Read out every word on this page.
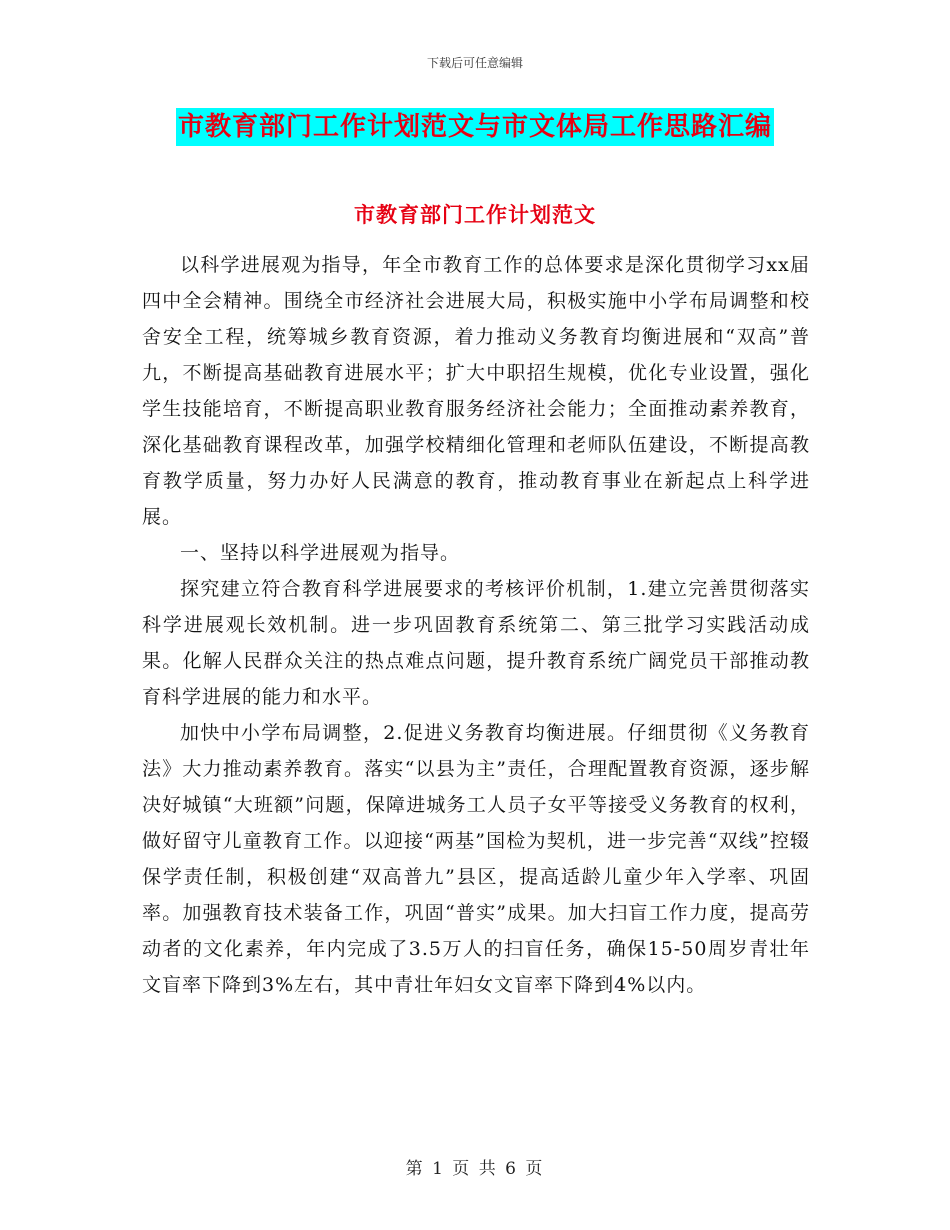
下载后可任意编辑
市教育部门工作计划范文与市文体局工作思路汇编
市教育部门工作计划范文

以科学进展观为指导，年全市教育工作的总体要求是深化贯彻学习xx届四中全会精神。围绕全市经济社会进展大局，积极实施中小学布局调整和校舍安全工程，统筹城乡教育资源，着力推动义务教育均衡进展和“双高”普九，不断提高基础教育进展水平；扩大中职招生规模，优化专业设置，强化学生技能培育，不断提高职业教育服务经济社会能力；全面推动素养教育，深化基础教育课程改革，加强学校精细化管理和老师队伍建设，不断提高教育教学质量，努力办好人民满意的教育，推动教育事业在新起点上科学进展。

一、坚持以科学进展观为指导。

探究建立符合教育科学进展要求的考核评价机制，1.建立完善贯彻落实科学进展观长效机制。进一步巩固教育系统第二、第三批学习实践活动成果。化解人民群众关注的热点难点问题，提升教育系统广阔党员干部推动教育科学进展的能力和水平。

加快中小学布局调整，2.促进义务教育均衡进展。仔细贯彻《义务教育法》大力推动素养教育。落实“以县为主”责任，合理配置教育资源，逐步解决好城镇“大班额”问题，保障进城务工人员子女平等接受义务教育的权利，做好留守儿童教育工作。以迎接“两基”国检为契机，进一步完善“双线”控辍保学责任制，积极创建“双高普九”县区，提高适龄儿童少年入学率、巩固率。加强教育技术装备工作，巩固“普实”成果。加大扫盲工作力度，提高劳动者的文化素养，年内完成了3.5万人的扫盲任务，确保15-50周岁青壮年文盲率下降到3%左右，其中青壮年妇女文盲率下降到4%以内。

第 1 页 共 6 页
